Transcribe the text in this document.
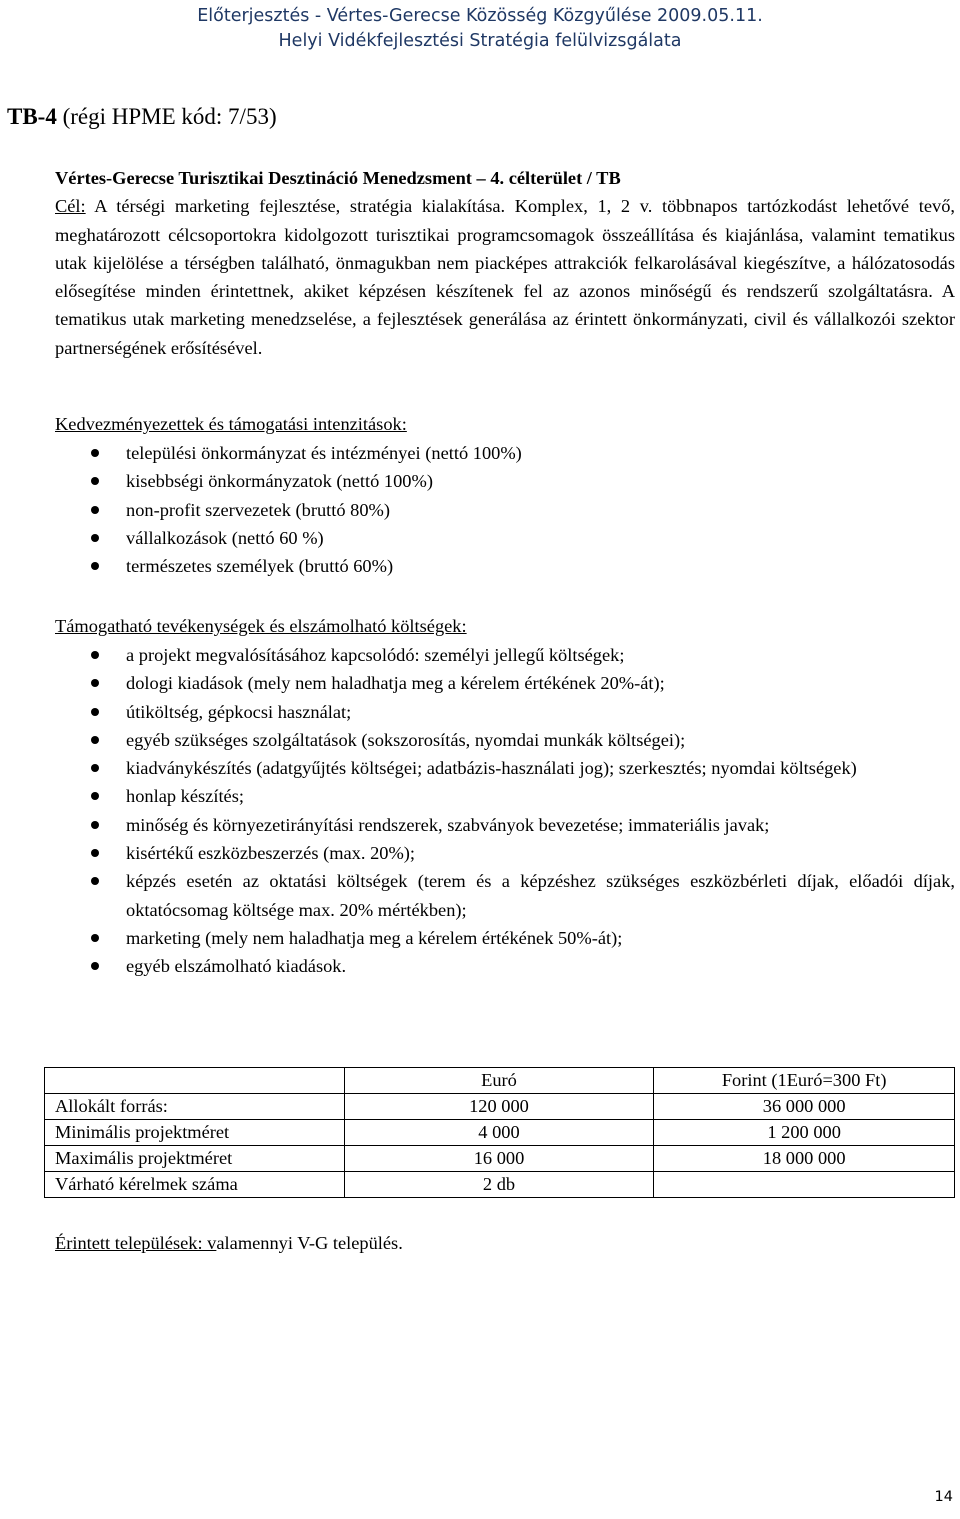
Előterjesztés - Vértes-Gerecse Közösség Közgyűlése 2009.05.11.
Helyi Vidékfejlesztési Stratégia felülvizsgálata
TB-4 (régi HPME kód: 7/53)
Vértes-Gerecse Turisztikai Desztináció Menedzsment – 4. célterület / TB
Cél: A térségi marketing fejlesztése, stratégia kialakítása. Komplex, 1, 2 v. többnapos tartózkodást lehetővé tevő, meghatározott célcsoportokra kidolgozott turisztikai programcsomagok összeállítása és kiajánlása, valamint tematikus utak kijelölése a térségben található, önmagukban nem piacképes attrakciók felkarolásával kiegészítve, a hálózatosodás elősegítése minden érintettnek, akiket képzésen készítenek fel az azonos minőségű és rendszerű szolgáltatásra. A tematikus utak marketing menedzselése, a fejlesztések generálása az érintett önkormányzati, civil és vállalkozói szektor partnerségének erősítésével.
Kedvezményezettek és támogatási intenzitások:
települési önkormányzat és intézményei (nettó 100%)
kisebbségi önkormányzatok (nettó 100%)
non-profit szervezetek (bruttó 80%)
vállalkozások (nettó 60 %)
természetes személyek (bruttó 60%)
Támogatható tevékenységek és elszámolható költségek:
a projekt megvalósításához kapcsolódó: személyi jellegű költségek;
dologi kiadások (mely nem haladhatja meg a kérelem értékének 20%-át);
útiköltség, gépkocsi használat;
egyéb szükséges szolgáltatások (sokszorosítás, nyomdai munkák költségei);
kiadványkészítés (adatgyűjtés költségei; adatbázis-használati jog); szerkesztés; nyomdai költségek)
honlap készítés;
minőség és környezetirányítási rendszerek, szabványok bevezetése; immateriális javak;
kisértékű eszközbeszerzés (max. 20%);
képzés esetén az oktatási költségek (terem és a képzéshez szükséges eszközbérleti díjak, előadói díjak, oktatócsomag költsége max. 20% mértékben);
marketing (mely nem haladhatja meg a kérelem értékének 50%-át);
egyéb elszámolható kiadások.
	Euró	Forint (1Euró=300 Ft)
Allokált forrás:	120 000	36 000 000
Minimális projektméret	4 000	1 200 000
Maximális projektméret	16 000	18 000 000
Várható kérelmek száma	2 db	
Érintett települések: valamennyi V-G település.
14
